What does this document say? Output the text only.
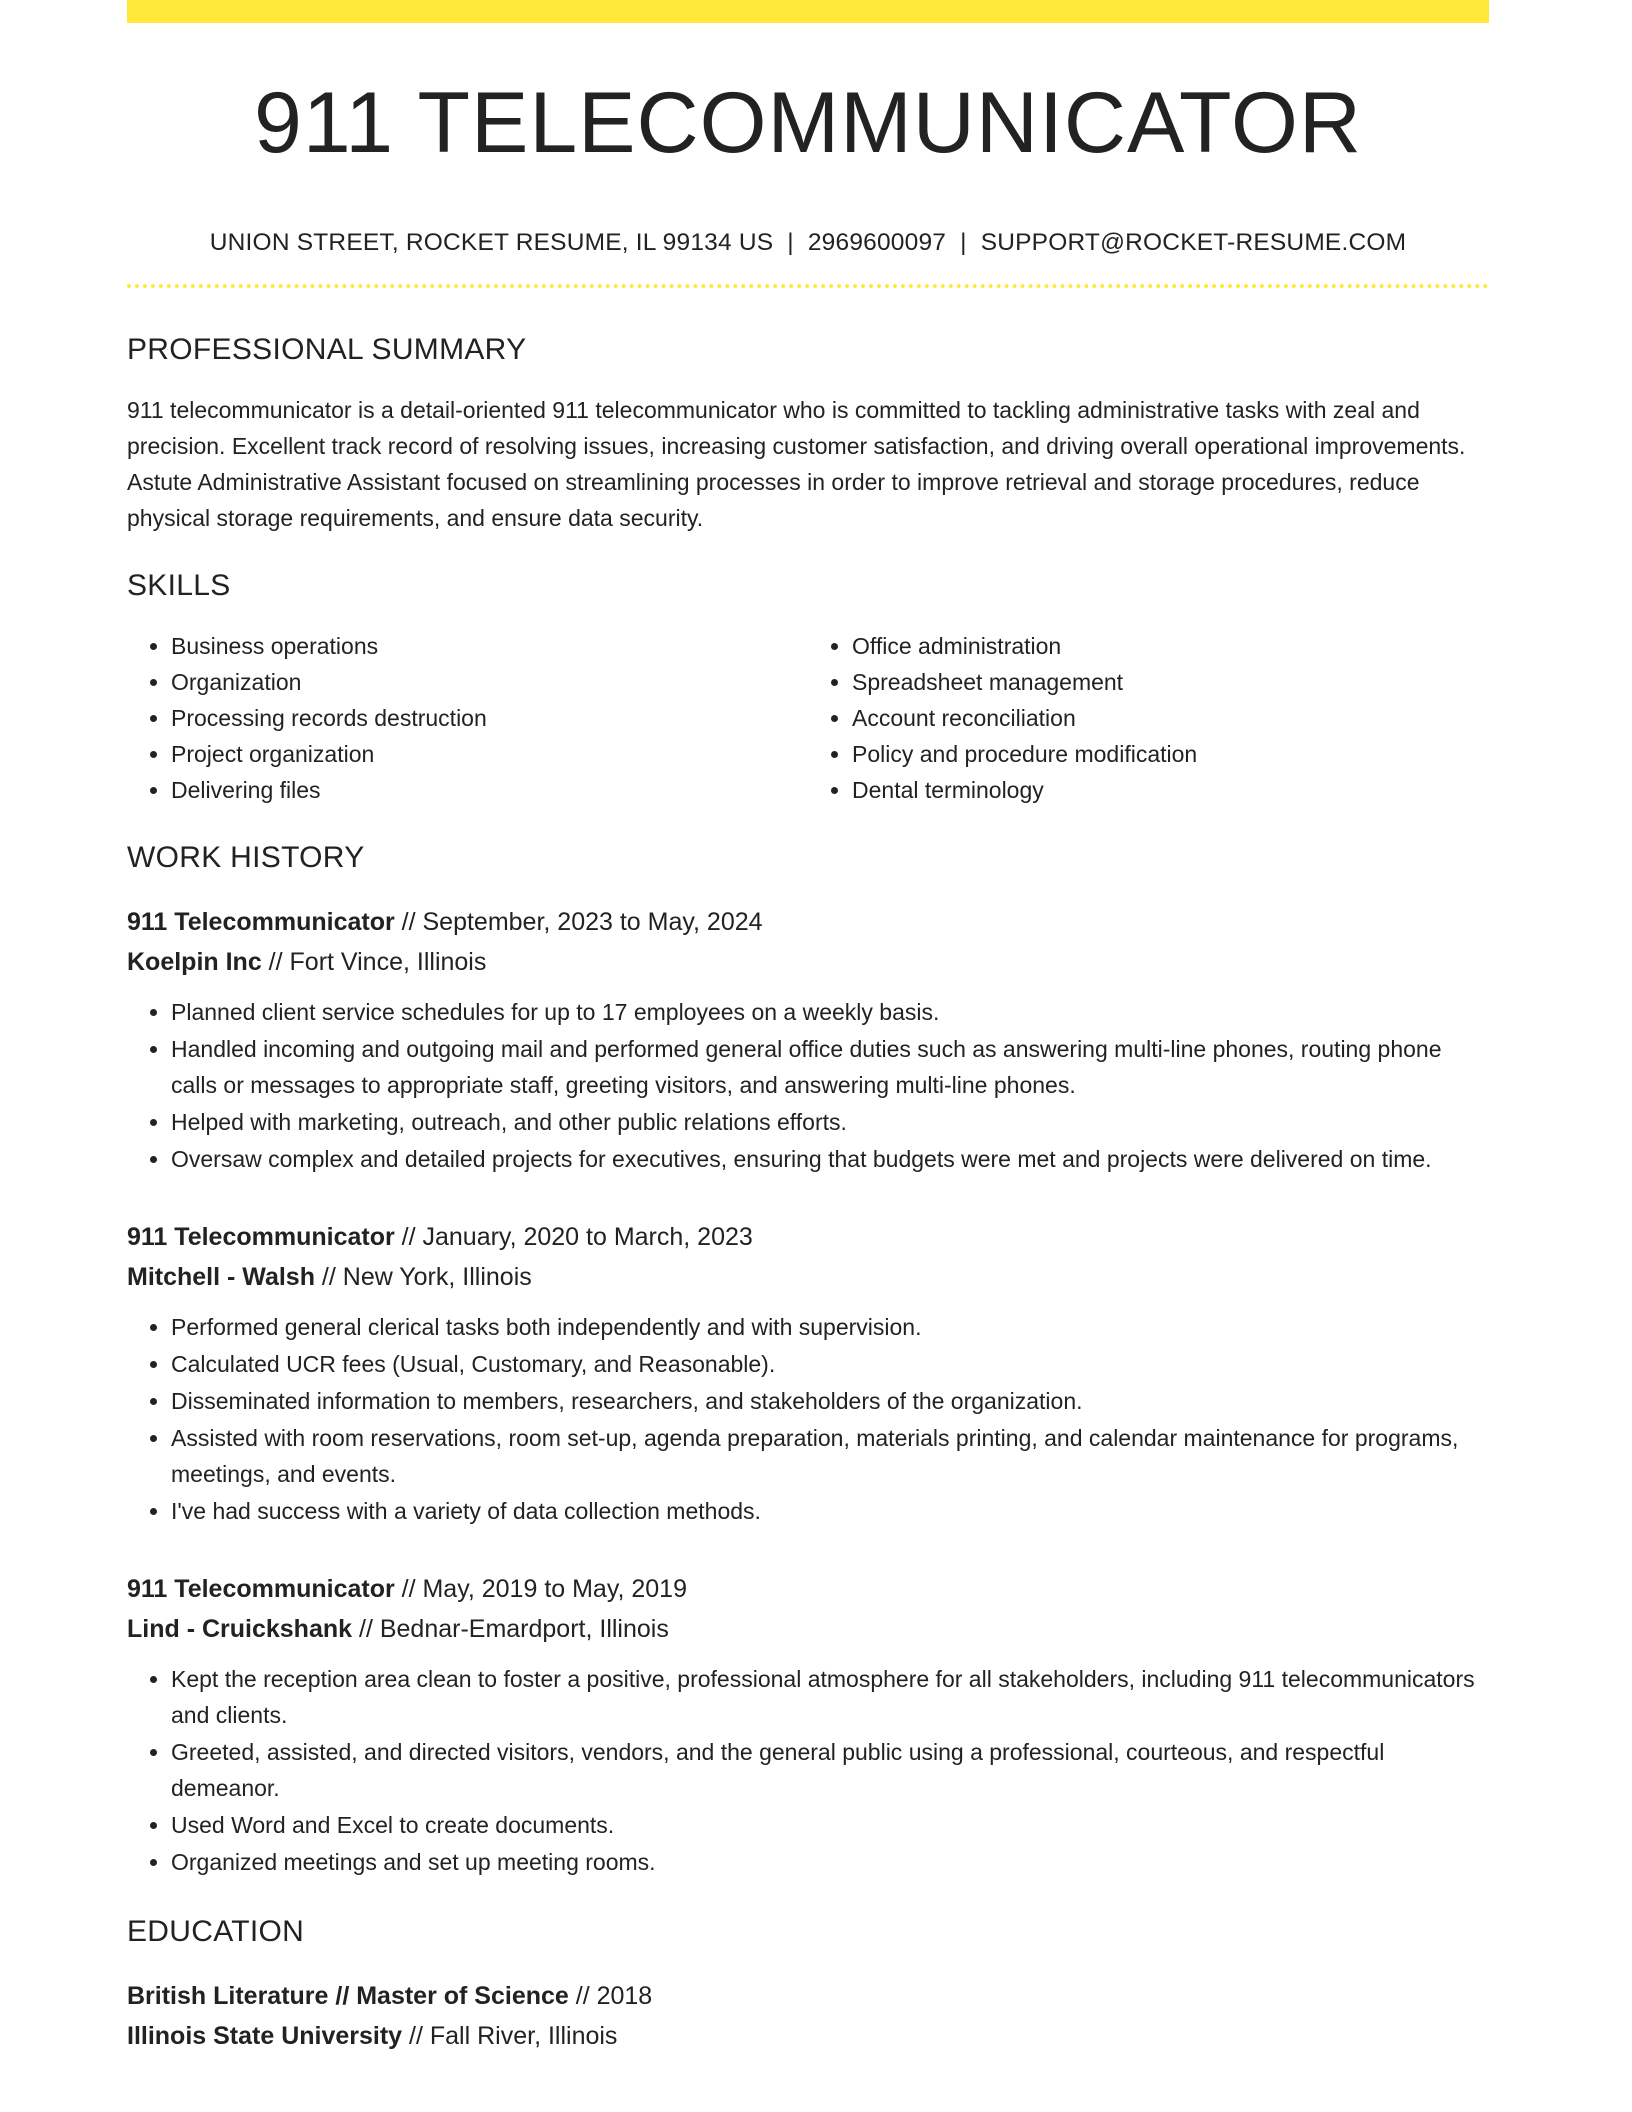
911 TELECOMMUNICATOR
UNION STREET, ROCKET RESUME, IL 99134 US | 2969600097 | SUPPORT@ROCKET-RESUME.COM
PROFESSIONAL SUMMARY

911 telecommunicator is a detail-oriented 911 telecommunicator who is committed to tackling administrative tasks with zeal and precision. Excellent track record of resolving issues, increasing customer satisfaction, and driving overall operational improvements. Astute Administrative Assistant focused on streamlining processes in order to improve retrieval and storage procedures, reduce physical storage requirements, and ensure data security.

SKILLS
• Business operations
• Organization
• Processing records destruction
• Project organization
• Delivering files
• Office administration
• Spreadsheet management
• Account reconciliation
• Policy and procedure modification
• Dental terminology
WORK HISTORY
911 Telecommunicator // September, 2023 to May, 2024
Koelpin Inc // Fort Vince, Illinois
• Planned client service schedules for up to 17 employees on a weekly basis.
• Handled incoming and outgoing mail and performed general office duties such as answering multi-line phones, routing phone calls or messages to appropriate staff, greeting visitors, and answering multi-line phones.
• Helped with marketing, outreach, and other public relations efforts.
• Oversaw complex and detailed projects for executives, ensuring that budgets were met and projects were delivered on time.
911 Telecommunicator // January, 2020 to March, 2023
Mitchell - Walsh // New York, Illinois
• Performed general clerical tasks both independently and with supervision.
• Calculated UCR fees (Usual, Customary, and Reasonable).
• Disseminated information to members, researchers, and stakeholders of the organization.
• Assisted with room reservations, room set-up, agenda preparation, materials printing, and calendar maintenance for programs, meetings, and events.
• I've had success with a variety of data collection methods.
911 Telecommunicator // May, 2019 to May, 2019
Lind - Cruickshank // Bednar-Emardport, Illinois
• Kept the reception area clean to foster a positive, professional atmosphere for all stakeholders, including 911 telecommunicators and clients.
• Greeted, assisted, and directed visitors, vendors, and the general public using a professional, courteous, and respectful demeanor.
• Used Word and Excel to create documents.
• Organized meetings and set up meeting rooms.
EDUCATION
British Literature // Master of Science // 2018
Illinois State University // Fall River, Illinois
